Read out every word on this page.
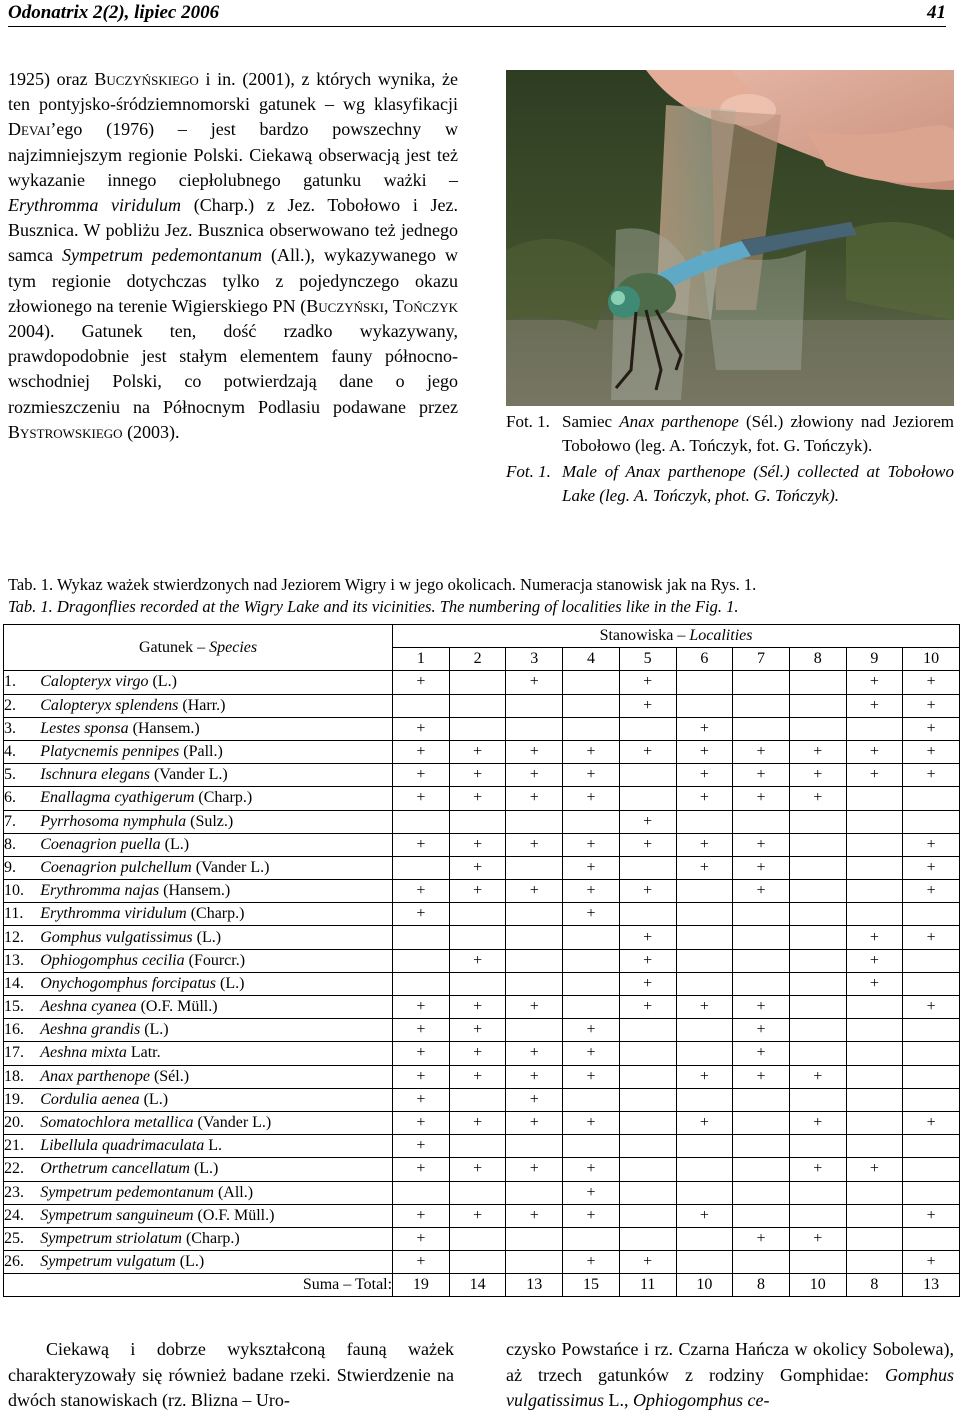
Odonatrix 2(2), lipiec 2006	41

1925) oraz Buczyńskiego i in. (2001), z których wynika, że ten pontyjsko-śródziemnomorski gatunek – wg klasyfikacji Devai’ego (1976) – jest bardzo powszechny w najzimniejszym regionie Polski. Ciekawą obserwacją jest też wykazanie innego ciepłolubnego gatunku ważki – Erythromma viridulum (Charp.) z Jez. Tobołowo i Jez. Busznica. W pobliżu Jez. Busznica obserwowano też jednego samca Sympetrum pedemontanum (All.), wykazywanego w tym regionie dotychczas tylko z pojedynczego okazu złowionego na terenie Wigierskiego PN (Buczyński, Tończyk 2004). Gatunek ten, dość rzadko wykazywany, prawdopodobnie jest stałym elementem fauny północno-wschodniej Polski, co potwierdzają dane o jego rozmieszczeniu na Północnym Podlasiu podawane przez Bystrowskiego (2003).

Fot. 1. Samiec Anax parthenope (Sél.) złowiony nad Jeziorem Tobołowo (leg. A. Tończyk, fot. G. Tończyk).
Fot. 1. Male of Anax parthenope (Sél.) collected at Tobołowo Lake (leg. A. Tończyk, phot. G. Tończyk).
Tab. 1. Wykaz ważek stwierdzonych nad Jeziorem Wigry i w jego okolicach. Numeracja stanowisk jak na Rys. 1.
Tab. 1. Dragonflies recorded at the Wigry Lake and its vicinities. The numbering of localities like in the Fig. 1.
Gatunek – Species		Stanowiska – Localities									
		1	2	3	4	5	6	7	8	9	10
1.	Calopteryx virgo (L.)	+		+		+				+	+
2.	Calopteryx splendens (Harr.)					+				+	+
3.	Lestes sponsa (Hansem.)	+					+				+
4.	Platycnemis pennipes (Pall.)	+	+	+	+	+	+	+	+	+	+
5.	Ischnura elegans (Vander L.)	+	+	+	+		+	+	+	+	+
6.	Enallagma cyathigerum (Charp.)	+	+	+	+		+	+	+		
7.	Pyrrhosoma nymphula (Sulz.)					+					
8.	Coenagrion puella (L.)	+	+	+	+	+	+	+			+
9.	Coenagrion pulchellum (Vander L.)		+		+		+	+			+
10.	Erythromma najas (Hansem.)	+	+	+	+	+		+			+
11.	Erythromma viridulum (Charp.)	+			+						
12.	Gomphus vulgatissimus (L.)					+				+	+
13.	Ophiogomphus cecilia (Fourcr.)		+			+				+	
14.	Onychogomphus forcipatus (L.)					+				+	
15.	Aeshna cyanea (O.F. Müll.)	+	+	+		+	+	+			+
16.	Aeshna grandis (L.)	+	+		+			+			
17.	Aeshna mixta Latr.	+	+	+	+			+			
18.	Anax parthenope (Sél.)	+	+	+	+		+	+	+		
19.	Cordulia aenea (L.)	+		+							
20.	Somatochlora metallica (Vander L.)	+	+	+	+		+		+		+
21.	Libellula quadrimaculata L.	+									
22.	Orthetrum cancellatum (L.)	+	+	+	+				+	+	
23.	Sympetrum pedemontanum (All.)				+						
24.	Sympetrum sanguineum (O.F. Müll.)	+	+	+	+		+				+
25.	Sympetrum striolatum (Charp.)	+						+	+		
26.	Sympetrum vulgatum (L.)	+			+	+					+
Suma – Total:		19	14	13	15	11	10	8	10	8	13
Ciekawą i dobrze wykształconą fauną ważek charakteryzowały się również badane rzeki. Stwierdzenie na dwóch stanowiskach (rz. Blizna – Uro-
czysko Powstańce i rz. Czarna Hańcza w okolicy Sobolewa), aż trzech gatunków z rodziny Gomphidae: Gomphus vulgatissimus L., Ophiogomphus ce-
